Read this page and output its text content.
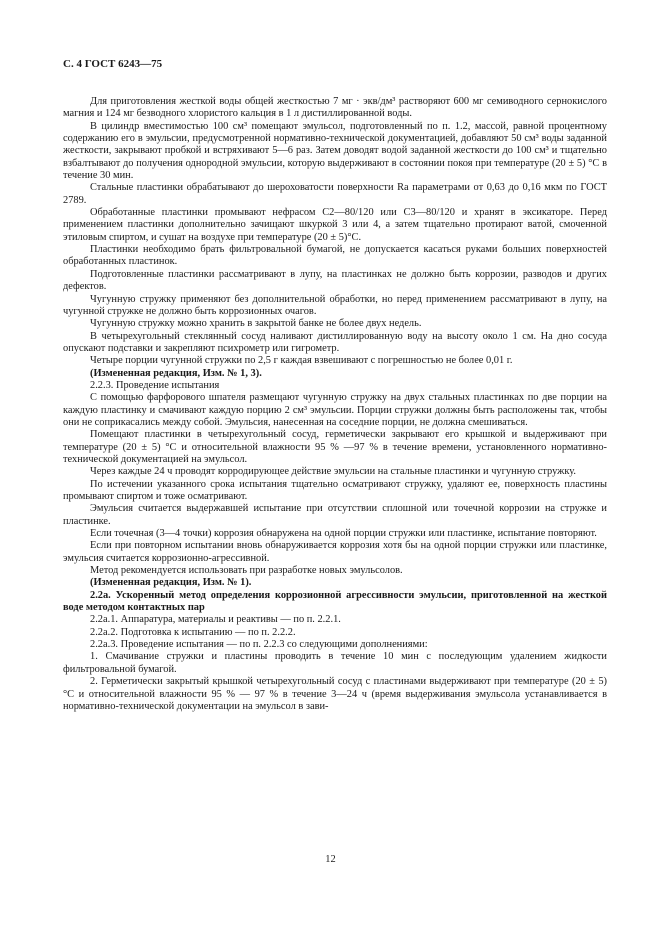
С. 4 ГОСТ 6243—75

Для приготовления жесткой воды общей жесткостью 7 мг · экв/дм³ растворяют 600 мг семиводного сернокислого магния и 124 мг безводного хлористого кальция в 1 л дистиллированной воды.

В цилиндр вместимостью 100 см³ помещают эмульсол, подготовленный по п. 1.2, массой, равной процентному содержанию его в эмульсии, предусмотренной нормативно-технической документацией, добавляют 50 см³ воды заданной жесткости, закрывают пробкой и встряхивают 5—6 раз. Затем доводят водой заданной жесткости до 100 см³ и тщательно взбалтывают до получения однородной эмульсии, которую выдерживают в состоянии покоя при температуре (20 ± 5) °С в течение 30 мин.

Стальные пластинки обрабатывают до шероховатости поверхности Ra параметрами от 0,63 до 0,16 мкм по ГОСТ 2789.

Обработанные пластинки промывают нефрасом С2—80/120 или С3—80/120 и хранят в эксикаторе. Перед применением пластинки дополнительно зачищают шкуркой 3 или 4, а затем тщательно протирают ватой, смоченной этиловым спиртом, и сушат на воздухе при температуре (20 ± 5)°С.

Пластинки необходимо брать фильтровальной бумагой, не допускается касаться руками больших поверхностей обработанных пластинок.

Подготовленные пластинки рассматривают в лупу, на пластинках не должно быть коррозии, разводов и других дефектов.

Чугунную стружку применяют без дополнительной обработки, но перед применением рассматривают в лупу, на чугунной стружке не должно быть коррозионных очагов.

Чугунную стружку можно хранить в закрытой банке не более двух недель.

В четырехугольный стеклянный сосуд наливают дистиллированную воду на высоту около 1 см. На дно сосуда опускают подставки и закрепляют психрометр или гигрометр.

Четыре порции чугунной стружки по 2,5 г каждая взвешивают с погрешностью не более 0,01 г.

(Измененная редакция, Изм. № 1, 3).

2.2.3. Проведение испытания

С помощью фарфорового шпателя размещают чугунную стружку на двух стальных пластинках по две порции на каждую пластинку и смачивают каждую порцию 2 см³ эмульсии. Порции стружки должны быть расположены так, чтобы они не соприкасались между собой. Эмульсия, нанесенная на соседние порции, не должна смешиваться.

Помещают пластинки в четырехугольный сосуд, герметически закрывают его крышкой и выдерживают при температуре (20 ± 5) °С и относительной влажности 95 % —97 % в течение времени, установленного нормативно-технической документацией на эмульсол.

Через каждые 24 ч проводят корродирующее действие эмульсии на стальные пластинки и чугунную стружку.

По истечении указанного срока испытания тщательно осматривают стружку, удаляют ее, поверхность пластины промывают спиртом и тоже осматривают.

Эмульсия считается выдержавшей испытание при отсутствии сплошной или точечной коррозии на стружке и пластинке.

Если точечная (3—4 точки) коррозия обнаружена на одной порции стружки или пластинке, испытание повторяют.

Если при повторном испытании вновь обнаруживается коррозия хотя бы на одной порции стружки или пластинке, эмульсия считается коррозионно-агрессивной.

Метод рекомендуется использовать при разработке новых эмульсолов.

(Измененная редакция, Изм. № 1).

2.2а. Ускоренный метод определения коррозионной агрессивности эмульсии, приготовленной на жесткой воде методом контактных пар

2.2а.1. Аппаратура, материалы и реактивы — по п. 2.2.1.

2.2а.2. Подготовка к испытанию — по п. 2.2.2.

2.2а.3. Проведение испытания — по п. 2.2.3 со следующими дополнениями:

1. Смачивание стружки и пластины проводить в течение 10 мин с последующим удалением жидкости фильтровальной бумагой.

2. Герметически закрытый крышкой четырехугольный сосуд с пластинами выдерживают при температуре (20 ± 5) °С и относительной влажности 95 % — 97 % в течение 3—24 ч (время выдерживания эмульсола устанавливается в нормативно-технической документации на эмульсол в зави-

12
